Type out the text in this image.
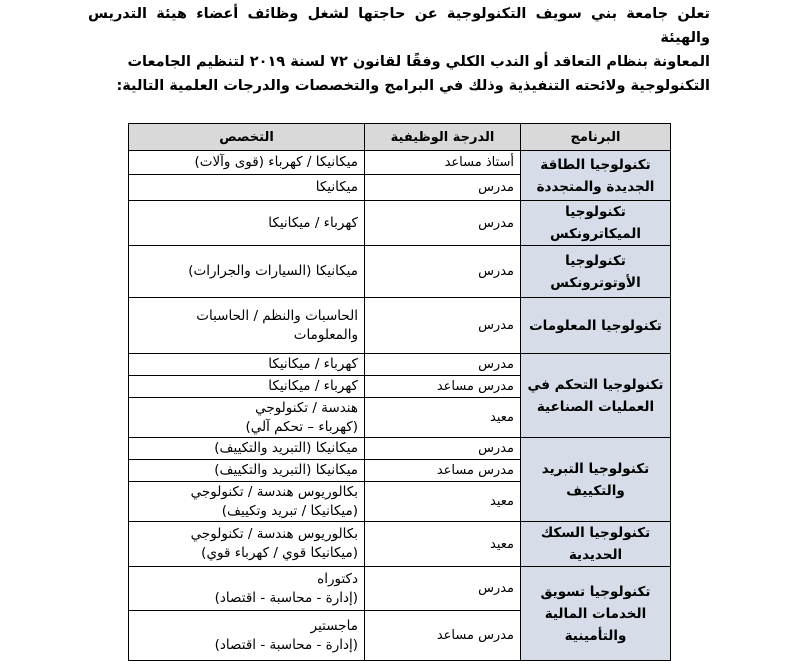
تعلن جامعة بني سويف التكنولوجية عن حاجتها لشغل وظائف أعضاء هيئة التدريس والهيئة

المعاونة بنظام التعاقد أو الندب الكلي وفقًا لقانون ٧٢ لسنة ٢٠١٩ لتنظيم الجامعات

التكنولوجية ولائحته التنفيذية وذلك في البرامج والتخصصات والدرجات العلمية التالية:

البرنامج	الدرجة الوظيفية	التخصص
تكنولوجيا الطاقة الجديدة والمتجددة	أستاذ مساعد	ميكانيكا / كهرباء (قوى وآلات)

	مدرس	ميكانيكا

تكنولوجيا الميكاترونكس	مدرس	كهرباء / ميكانيكا

تكنولوجيا الأوتوترونكس	مدرس	ميكانيكا (السيارات والجرارات)

تكنولوجيا المعلومات	مدرس	الحاسبات والنظم / الحاسبات
والمعلومات

تكنولوجيا التحكم في العمليات الصناعية	مدرس	كهرباء / ميكانيكا

	مدرس مساعد	كهرباء / ميكانيكا

	معيد	هندسة / تكنولوجي
(كهرباء – تحكم آلي)

تكنولوجيا التبريد والتكييف	مدرس	ميكانيكا (التبريد والتكييف)

	مدرس مساعد	ميكانيكا (التبريد والتكييف)

	معيد	بكالوريوس هندسة / تكنولوجي
(ميكانيكا / تبريد وتكييف)

تكنولوجيا السكك الحديدية	معيد	بكالوريوس هندسة / تكنولوجي
(ميكانيكا قوي / كهرباء قوي)

تكنولوجيا تسويق الخدمات المالية والتأمينية	مدرس	دكتوراه
(إدارة - محاسبة - اقتصاد)

	مدرس مساعد	ماجستير
(إدارة - محاسبة - اقتصاد)
